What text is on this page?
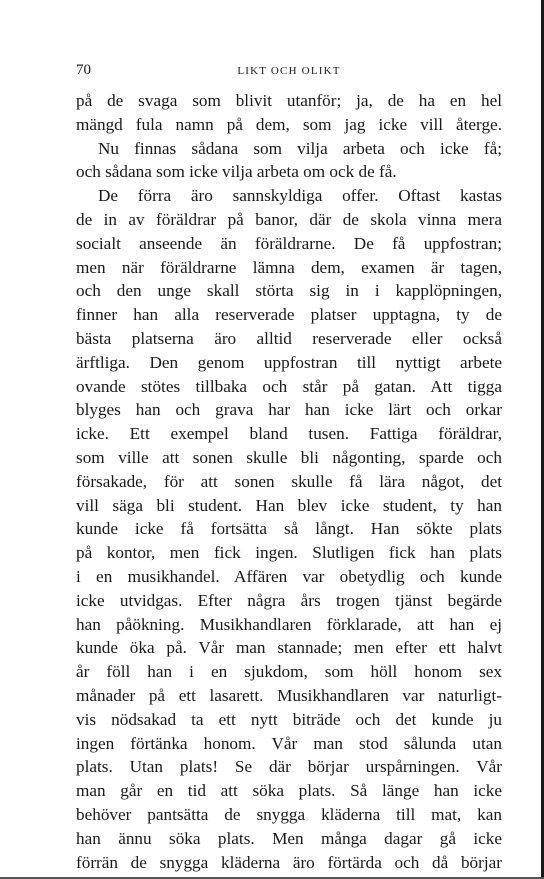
70	LIKT OCH OLIKT
på de svaga som blivit utanför; ja, de ha en hel
mängd fula namn på dem, som jag icke vill återge.
Nu finnas sådana som vilja arbeta och icke få;
och sådana som icke vilja arbeta om ock de få.
De förra äro sannskyldiga offer. Oftast kastas
de in av föräldrar på banor, där de skola vinna mera
socialt anseende än föräldrarne. De få uppfostran;
men när föräldrarne lämna dem, examen är tagen,
och den unge skall störta sig in i kapplöpningen,
finner han alla reserverade platser upptagna, ty de
bästa platserna äro alltid reserverade eller också
ärftliga. Den genom uppfostran till nyttigt arbete
ovande stötes tillbaka och står på gatan. Att tigga
blyges han och grava har han icke lärt och orkar
icke. Ett exempel bland tusen. Fattiga föräldrar,
som ville att sonen skulle bli någonting, sparde och
försakade, för att sonen skulle få lära något, det
vill säga bli student. Han blev icke student, ty han
kunde icke få fortsätta så långt. Han sökte plats
på kontor, men fick ingen. Slutligen fick han plats
i en musikhandel. Affären var obetydlig och kunde
icke utvidgas. Efter några års trogen tjänst begärde
han påökning. Musikhandlaren förklarade, att han ej
kunde öka på. Vår man stannade; men efter ett halvt
år föll han i en sjukdom, som höll honom sex
månader på ett lasarett. Musikhandlaren var naturligt-
vis nödsakad ta ett nytt biträde och det kunde ju
ingen förtänka honom. Vår man stod sålunda utan
plats. Utan plats! Se där börjar urspårningen. Vår
man går en tid att söka plats. Så länge han icke
behöver pantsätta de snygga kläderna till mat, kan
han ännu söka plats. Men många dagar gå icke
förrän de snygga kläderna äro förtärda och då börjar
